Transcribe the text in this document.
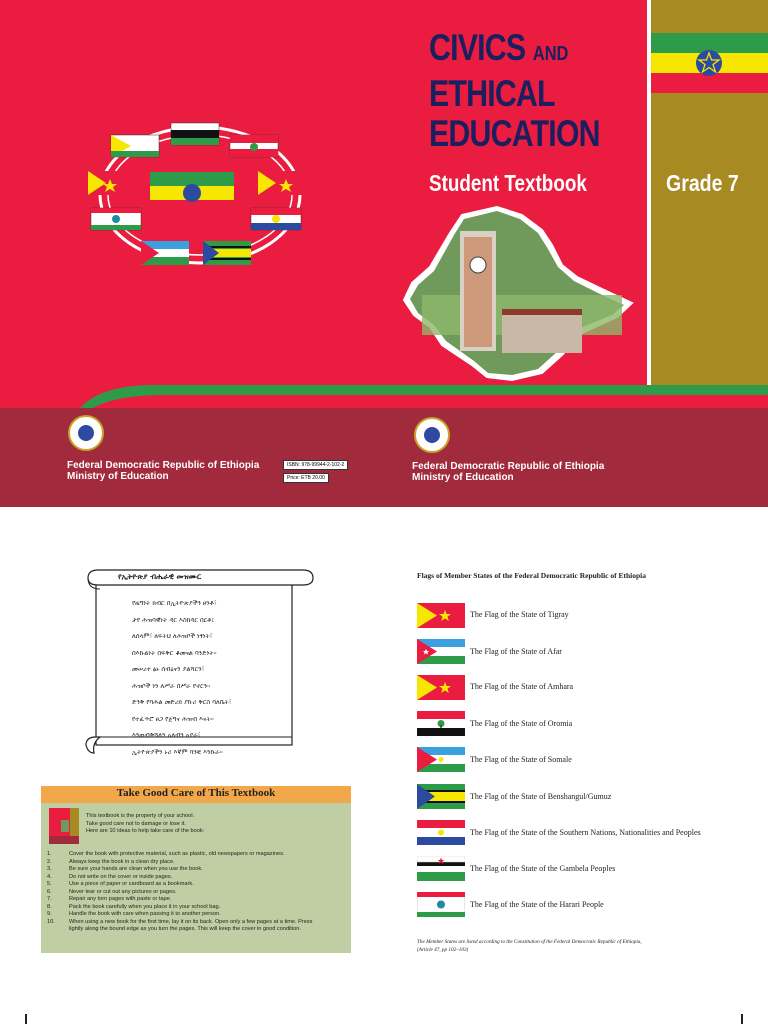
CIVICS AND
ETHICAL
EDUCATION
Student Textbook	Grade 7
Federal Democratic Republic of Ethiopia
Ministry of Education
ISBN: 978-99944-2-102-2
Price: ETB 20.00
Federal Democratic Republic of Ethiopia
Ministry of Education
የኢትዮጵያ ብሔራዊ መዝሙር
የዜግነት ክብር በኢትዮጵያችን ፀንቶ፣
ታየ ሕዝባዊነት ዳር እስከዳር በርቶ፤
ለሰላም፣ ለፍትህ ለሕዝቦች ነፃነት፣
በእኩልነት በፍቅር ቆመናል ባንድነት።
መሠረተ ፅኑ ሰብዕናን ያልሻርን፣
ሕዝቦች ነን ለሥራ በሥራ የኖርን።
ድንቅ የባሕል መድረክ ያኩሪ ቅርስ ባለቤት፣
የተፈጥሮ ፀጋ የጀግና ሕዝብ እናት።
እንጠብቅሻለን አለብን አደራ፣
ኢትዮጵያችን ኑሪ እኛም ባንቺ እንኩራ።
Take Good Care of This Textbook
This textbook is the property of your school.
Take good care not to damage or lose it.
Here are 10 ideas to help take care of the book:
1.	Cover the book with protective material, such as plastic, old newspapers or magazines.
2.	Always keep the book in a clean dry place.
3.	Be sure your hands are clean when you use the book.
4.	Do not write on the cover or inside pages.
5.	Use a piece of paper or cardboard as a bookmark.
6.	Never tear or cut out any pictures or pages.
7.	Repair any torn pages with paste or tape.
8.	Pack the book carefully when you place it in your school bag.
9.	Handle the book with care when passing it to another person.
10.	When using a new book for the first time, lay it on its back. Open only a few pages at a time. Press
lightly along the bound edge as you turn the pages. This will keep the cover in good condition.
Flags of Member States of the Federal Democratic Republic of Ethiopia
The Flag of the State of Tigray
The Flag of the State of Afar
The Flag of the State of Amhara
The Flag of the State of Oromia
The Flag of the State of Somale
The Flag of the State of Benshangul/Gumuz
The Flag of the State of the Southern Nations, Nationalities and Peoples
The Flag of the State of the Gambela Peoples
The Flag of the State of the Harari People
The Member States are listed according to the Constitution of the Federal Democratic Republic of Ethiopia,
(Article 47, pp 102–103)
